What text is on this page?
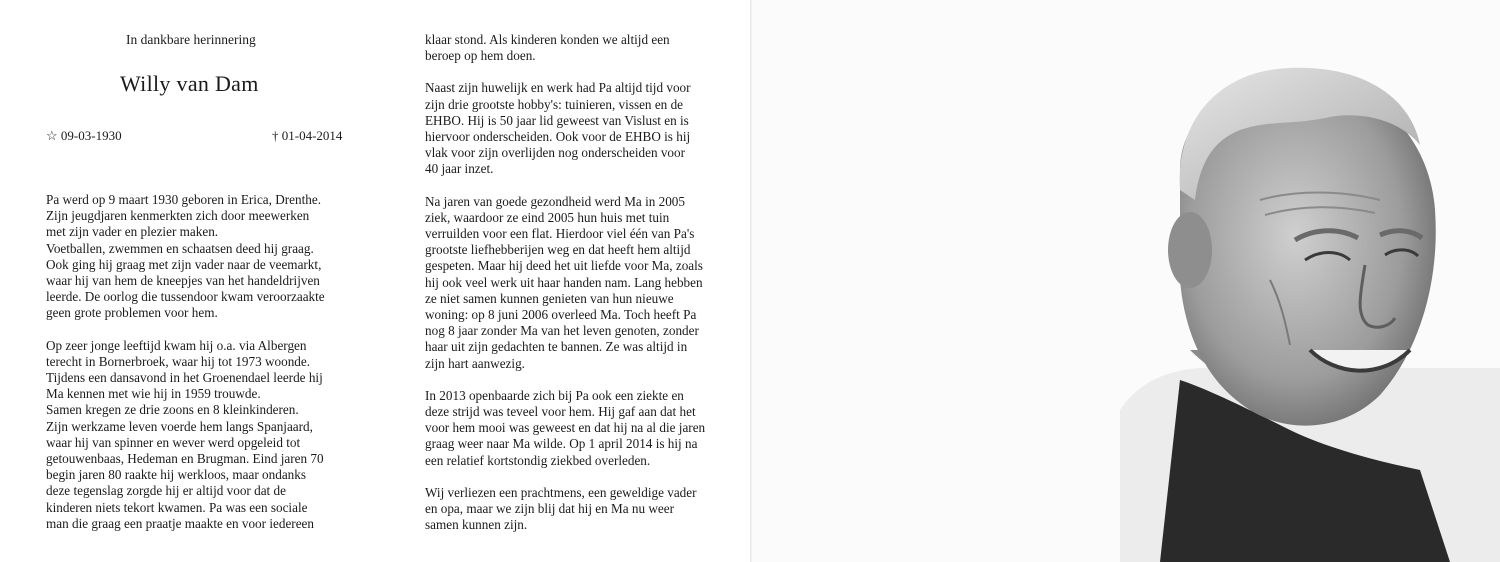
In dankbare herinnering
Willy van Dam
☆ 09-03-1930	† 01-04-2014
Pa werd op 9 maart 1930 geboren in Erica, Drenthe.
Zijn jeugdjaren kenmerkten zich door meewerken
met zijn vader en plezier maken.
Voetballen, zwemmen en schaatsen deed hij graag.
Ook ging hij graag met zijn vader naar de veemarkt,
waar hij van hem de kneepjes van het handeldrijven
leerde. De oorlog die tussendoor kwam veroorzaakte
geen grote problemen voor hem.
Op zeer jonge leeftijd kwam hij o.a. via Albergen
terecht in Bornerbroek, waar hij tot 1973 woonde.
Tijdens een dansavond in het Groenendael leerde hij
Ma kennen met wie hij in 1959 trouwde.
Samen kregen ze drie zoons en 8 kleinkinderen.
Zijn werkzame leven voerde hem langs Spanjaard,
waar hij van spinner en wever werd opgeleid tot
getouwenbaas, Hedeman en Brugman. Eind jaren 70
begin jaren 80 raakte hij werkloos, maar ondanks
deze tegenslag zorgde hij er altijd voor dat de
kinderen niets tekort kwamen. Pa was een sociale
man die graag een praatje maakte en voor iedereen
klaar stond. Als kinderen konden we altijd een
beroep op hem doen.
Naast zijn huwelijk en werk had Pa altijd tijd voor
zijn drie grootste hobby's: tuinieren, vissen en de
EHBO. Hij is 50 jaar lid geweest van Vislust en is
hiervoor onderscheiden. Ook voor de EHBO is hij
vlak voor zijn overlijden nog onderscheiden voor
40 jaar inzet.
Na jaren van goede gezondheid werd Ma in 2005
ziek, waardoor ze eind 2005 hun huis met tuin
verruilden voor een flat. Hierdoor viel één van Pa's
grootste liefhebberijen weg en dat heeft hem altijd
gespeten. Maar hij deed het uit liefde voor Ma, zoals
hij ook veel werk uit haar handen nam. Lang hebben
ze niet samen kunnen genieten van hun nieuwe
woning: op 8 juni 2006 overleed Ma. Toch heeft Pa
nog 8 jaar zonder Ma van het leven genoten, zonder
haar uit zijn gedachten te bannen. Ze was altijd in
zijn hart aanwezig.
In 2013 openbaarde zich bij Pa ook een ziekte en
deze strijd was teveel voor hem. Hij gaf aan dat het
voor hem mooi was geweest en dat hij na al die jaren
graag weer naar Ma wilde. Op 1 april 2014 is hij na
een relatief kortstondig ziekbed overleden.
Wij verliezen een prachtmens, een geweldige vader
en opa, maar we zijn blij dat hij en Ma nu weer
samen kunnen zijn.
